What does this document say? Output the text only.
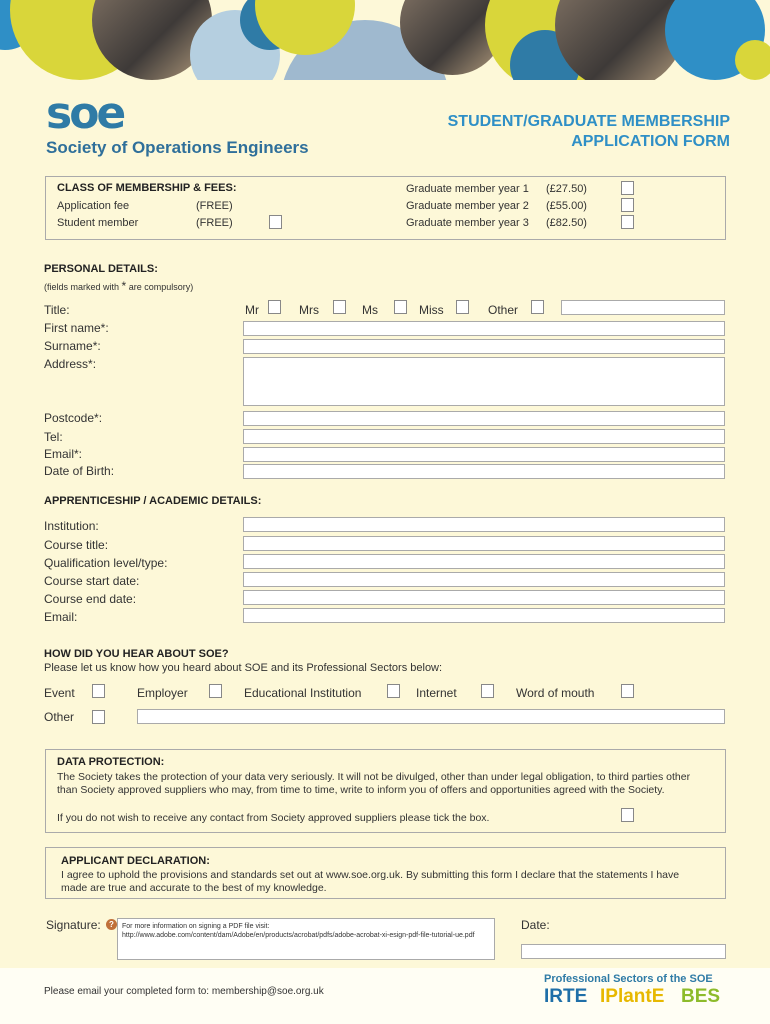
soe
Society of Operations Engineers
STUDENT/GRADUATE MEMBERSHIP
APPLICATION FORM
CLASS OF MEMBERSHIP & FEES:
Application fee	(FREE)
Student member	(FREE)
Graduate member year 1 (£27.50)
Graduate member year 2 (£55.00)
Graduate member year 3 (£82.50)
PERSONAL DETAILS:
(fields marked with * are compulsory)
Title:	Mr	Mrs	Ms	Miss	Other
First name*:
Surname*:
Address*:
Postcode*:
Tel:
Email*:
Date of Birth:
APPRENTICESHIP / ACADEMIC DETAILS:
Institution:
Course title:
Qualification level/type:
Course start date:
Course end date:
Email:
HOW DID YOU HEAR ABOUT SOE?
Please let us know how you heard about SOE and its Professional Sectors below:
Event	Employer	Educational Institution	Internet	Word of mouth
Other
DATA PROTECTION:
The Society takes the protection of your data very seriously. It will not be divulged, other than under legal obligation, to third parties other than Society approved suppliers who may, from time to time, write to inform you of offers and opportunities agreed with the Society.
If you do not wish to receive any contact from Society approved suppliers please tick the box.
APPLICANT DECLARATION:
I agree to uphold the provisions and standards set out at www.soe.org.uk. By submitting this form I declare that the statements I have made are true and accurate to the best of my knowledge.
Signature:	?	For more information on signing a PDF file visit: http://www.adobe.com/content/dam/Adobe/en/products/acrobat/pdfs/adobe-acrobat-xi-esign-pdf-file-tutorial-ue.pdf
Date:
Please email your completed form to: membership@soe.org.uk
Professional Sectors of the SOE
IRTE IPlantE BES
